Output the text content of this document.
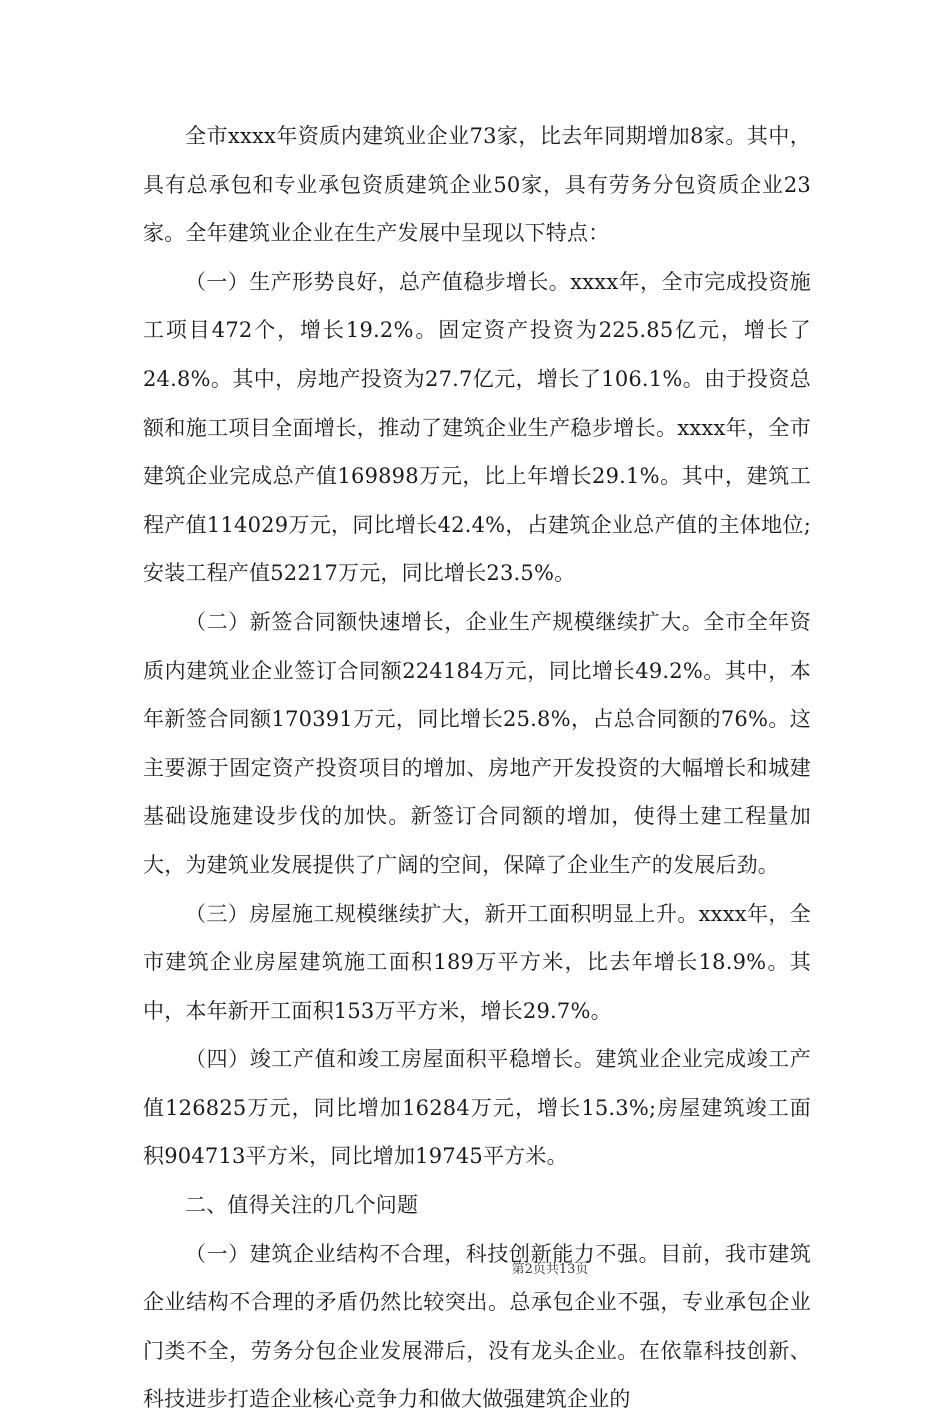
全市xxxx年资质内建筑业企业73家，比去年同期增加8家。其中，具有总承包和专业承包资质建筑企业50家，具有劳务分包资质企业23家。全年建筑业企业在生产发展中呈现以下特点：

（一）生产形势良好，总产值稳步增长。xxxx年，全市完成投资施工项目472个，增长19.2%。固定资产投资为225.85亿元，增长了24.8%。其中，房地产投资为27.7亿元，增长了106.1%。由于投资总额和施工项目全面增长，推动了建筑企业生产稳步增长。xxxx年，全市建筑企业完成总产值169898万元，比上年增长29.1%。其中，建筑工程产值114029万元，同比增长42.4%，占建筑企业总产值的主体地位;安装工程产值52217万元，同比增长23.5%。

（二）新签合同额快速增长，企业生产规模继续扩大。全市全年资质内建筑业企业签订合同额224184万元，同比增长49.2%。其中，本年新签合同额170391万元，同比增长25.8%，占总合同额的76%。这主要源于固定资产投资项目的增加、房地产开发投资的大幅增长和城建基础设施建设步伐的加快。新签订合同额的增加，使得土建工程量加大，为建筑业发展提供了广阔的空间，保障了企业生产的发展后劲。

（三）房屋施工规模继续扩大，新开工面积明显上升。xxxx年，全市建筑企业房屋建筑施工面积189万平方米，比去年增长18.9%。其中，本年新开工面积153万平方米，增长29.7%。

（四）竣工产值和竣工房屋面积平稳增长。建筑业企业完成竣工产值126825万元，同比增加16284万元，增长15.3%;房屋建筑竣工面积904713平方米，同比增加19745平方米。

二、值得关注的几个问题

（一）建筑企业结构不合理，科技创新能力不强。目前，我市建筑企业结构不合理的矛盾仍然比较突出。总承包企业不强，专业承包企业门类不全，劳务分包企业发展滞后，没有龙头企业。在依靠科技创新、科技进步打造企业核心竞争力和做大做强建筑企业的

第2页共13页
